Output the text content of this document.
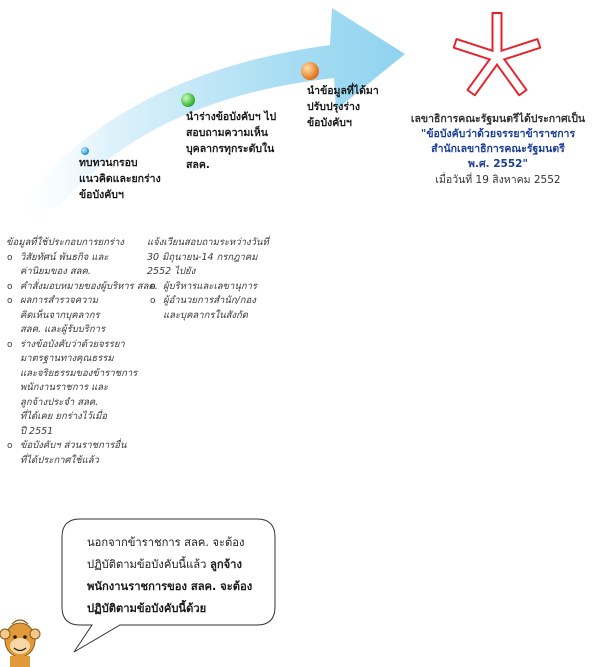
ทบทวนกรอบ
แนวคิดและยกร่าง
ข้อบังคับฯ
นำร่างข้อบังคับฯ ไป
สอบถามความเห็น
บุคลากรทุกระดับใน
สลค.
นำข้อมูลที่ได้มา
ปรับปรุงร่าง
ข้อบังคับฯ	เลขาธิการคณะรัฐมนตรีได้ประกาศเป็น
"ข้อบังคับว่าด้วยจรรยาข้าราชการ
สำนักเลขาธิการคณะรัฐมนตรี
พ.ศ. 2552"
เมื่อวันที่ 19 สิงหาคม 2552
ข้อมูลที่ใช้ประกอบการยกร่าง
o วิสัยทัศน์ พันธกิจ และ
ค่านิยมของ สลค.
o คำสั่งมอบหมายของผู้บริหาร สลค.
o ผลการสำรวจความ
คิดเห็นจากบุคลากร
สลค. และผู้รับบริการ
o ร่างข้อบังคับว่าด้วยจรรยา
มาตรฐานทางคุณธรรม
และจริยธรรมของข้าราชการ
พนักงานราชการ และ
ลูกจ้างประจำ สลค.
ที่ได้เคย ยกร่างไว้เมื่อ
ปี 2551
o ข้อบังคับฯ ส่วนราชการอื่น
ที่ได้ประกาศใช้แล้ว
แจ้งเวียนสอบถามระหว่างวันที่
30 มิถุนายน-14 กรกฎาคม
2552 ไปยัง
o ผู้บริหารและเลขานุการ
o ผู้อำนวยการสำนัก/กอง
และบุคลากรในสังกัด
นอกจากข้าราชการ สลค. จะต้อง
ปฏิบัติตามข้อบังคับนี้แล้ว ลูกจ้าง
พนักงานราชการของ สลค. จะต้อง
ปฏิบัติตามข้อบังคับนี้ด้วย
